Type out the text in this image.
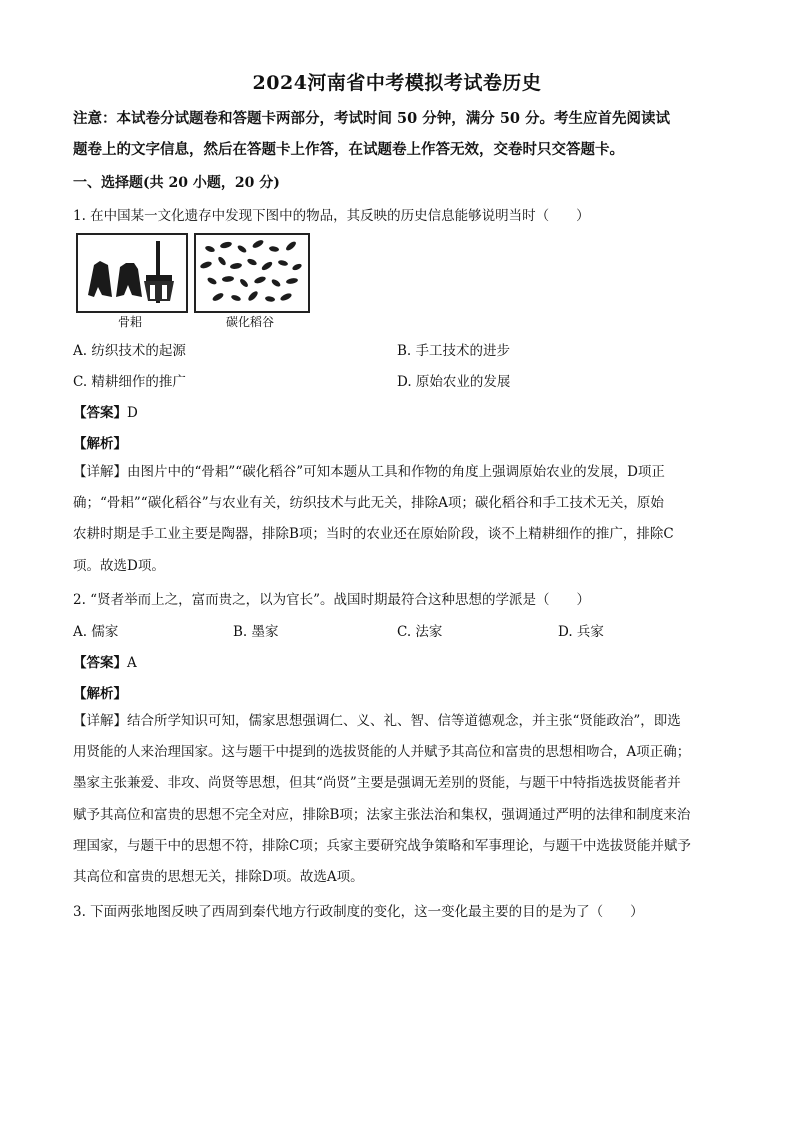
2024河南省中考模拟考试卷历史
注意：本试卷分试题卷和答题卡两部分，考试时间 50 分钟，满分 50 分。考生应首先阅读试
题卷上的文字信息，然后在答题卡上作答，在试题卷上作答无效，交卷时只交答题卡。
一、选择题(共 20 小题，20 分)
1. 在中国某一文化遗存中发现下图中的物品，其反映的历史信息能够说明当时（　　）
骨耜	碳化稻谷
A. 纺织技术的起源	B. 手工技术的进步
C. 精耕细作的推广	D. 原始农业的发展
【答案】D
【解析】
【详解】由图片中的“骨耜”“碳化稻谷”可知本题从工具和作物的角度上强调原始农业的发展，D项正
确；“骨耜”“碳化稻谷”与农业有关，纺织技术与此无关，排除A项；碳化稻谷和手工技术无关，原始
农耕时期是手工业主要是陶器，排除B项；当时的农业还在原始阶段，谈不上精耕细作的推广，排除C
项。故选D项。
2. “贤者举而上之，富而贵之，以为官长”。战国时期最符合这种思想的学派是（　　）
A. 儒家	B. 墨家	C. 法家	D. 兵家
【答案】A
【解析】
【详解】结合所学知识可知，儒家思想强调仁、义、礼、智、信等道德观念，并主张“贤能政治”，即选
用贤能的人来治理国家。这与题干中提到的选拔贤能的人并赋予其高位和富贵的思想相吻合，A项正确；
墨家主张兼爱、非攻、尚贤等思想，但其“尚贤”主要是强调无差别的贤能，与题干中特指选拔贤能者并
赋予其高位和富贵的思想不完全对应，排除B项；法家主张法治和集权，强调通过严明的法律和制度来治
理国家，与题干中的思想不符，排除C项；兵家主要研究战争策略和军事理论，与题干中选拔贤能并赋予
其高位和富贵的思想无关，排除D项。故选A项。
3. 下面两张地图反映了西周到秦代地方行政制度的变化，这一变化最主要的目的是为了（　　）
